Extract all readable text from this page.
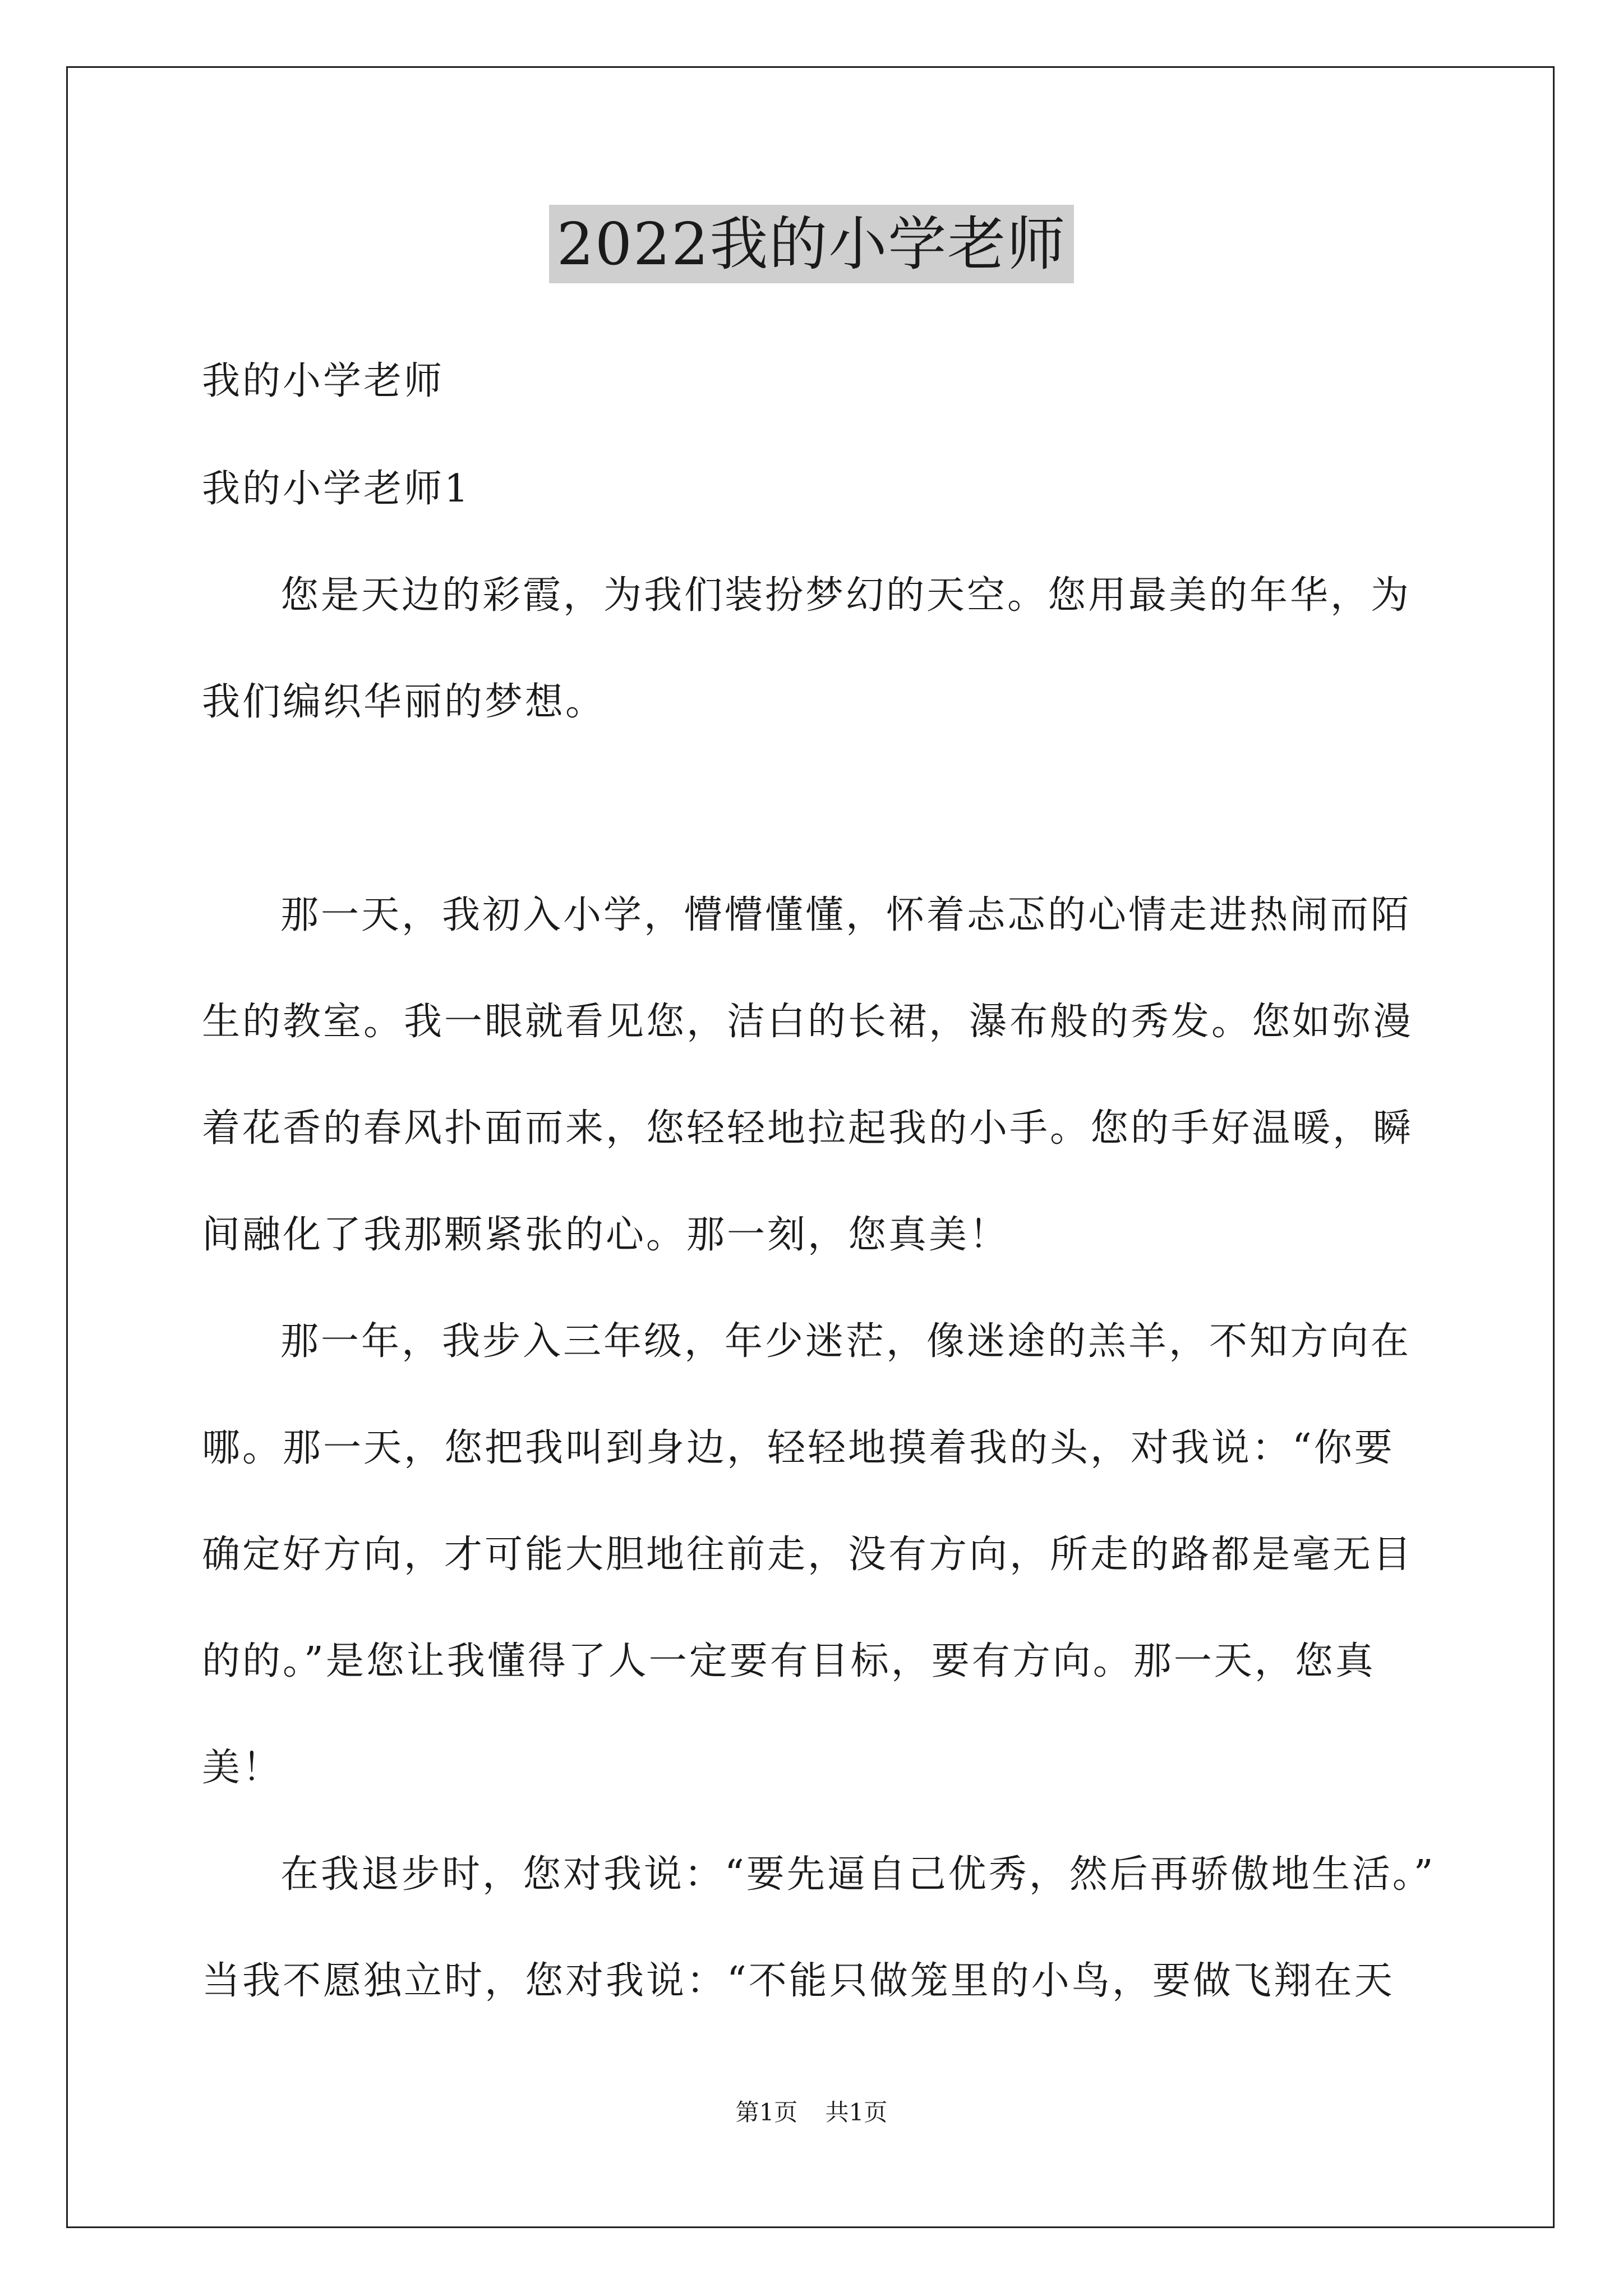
2022我的小学老师
我的小学老师
我的小学老师1
您是天边的彩霞，为我们装扮梦幻的天空。您用最美的年华，为
我们编织华丽的梦想。
那一天，我初入小学，懵懵懂懂，怀着忐忑的心情走进热闹而陌
生的教室。我一眼就看见您，洁白的长裙，瀑布般的秀发。您如弥漫
着花香的春风扑面而来，您轻轻地拉起我的小手。您的手好温暖，瞬
间融化了我那颗紧张的心。那一刻，您真美！
那一年，我步入三年级，年少迷茫，像迷途的羔羊，不知方向在
哪。那一天，您把我叫到身边，轻轻地摸着我的头，对我说：“你要
确定好方向，才可能大胆地往前走，没有方向，所走的路都是毫无目
的的。”是您让我懂得了人一定要有目标，要有方向。那一天，您真
美！
在我退步时，您对我说：“要先逼自己优秀，然后再骄傲地生活。”
当我不愿独立时，您对我说：“不能只做笼里的小鸟，要做飞翔在天
第1页 共1页
